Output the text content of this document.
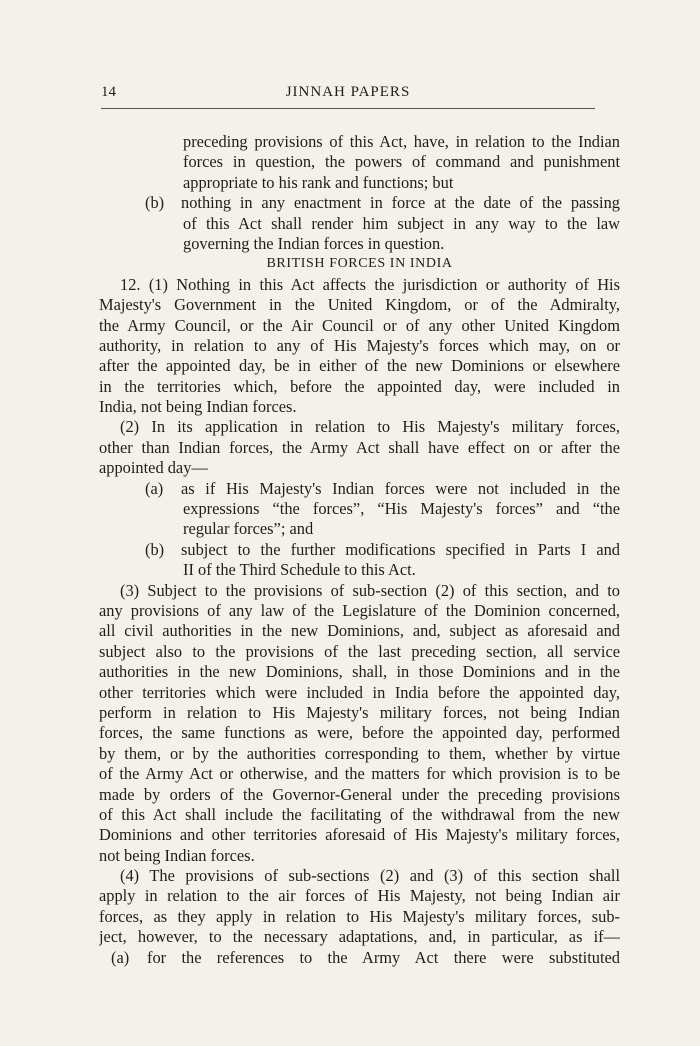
14	JINNAH PAPERS
preceding provisions of this Act, have, in relation to the Indian
forces in question, the powers of command and punishment
appropriate to his rank and functions; but
(b)	nothing in any enactment in force at the date of the passing
of this Act shall render him subject in any way to the law
governing the Indian forces in question.
BRITISH FORCES IN INDIA
12. (1) Nothing in this Act affects the jurisdiction or authority of His
Majesty's Government in the United Kingdom, or of the Admiralty,
the Army Council, or the Air Council or of any other United Kingdom
authority, in relation to any of His Majesty's forces which may, on or
after the appointed day, be in either of the new Dominions or elsewhere
in the territories which, before the appointed day, were included in
India, not being Indian forces.
(2) In its application in relation to His Majesty's military forces,
other than Indian forces, the Army Act shall have effect on or after the
appointed day—
(a)	as if His Majesty's Indian forces were not included in the
expressions “the forces”, “His Majesty's forces” and “the
regular forces”; and
(b)	subject to the further modifications specified in Parts I and
II of the Third Schedule to this Act.
(3) Subject to the provisions of sub-section (2) of this section, and to
any provisions of any law of the Legislature of the Dominion concerned,
all civil authorities in the new Dominions, and, subject as aforesaid and
subject also to the provisions of the last preceding section, all service
authorities in the new Dominions, shall, in those Dominions and in the
other territories which were included in India before the appointed day,
perform in relation to His Majesty's military forces, not being Indian
forces, the same functions as were, before the appointed day, performed
by them, or by the authorities corresponding to them, whether by virtue
of the Army Act or otherwise, and the matters for which provision is to be
made by orders of the Governor-General under the preceding provisions
of this Act shall include the facilitating of the withdrawal from the new
Dominions and other territories aforesaid of His Majesty's military forces,
not being Indian forces.
(4) The provisions of sub-sections (2) and (3) of this section shall
apply in relation to the air forces of His Majesty, not being Indian air
forces, as they apply in relation to His Majesty's military forces, sub-
ject, however, to the necessary adaptations, and, in particular, as if—
(a)	for the references to the Army Act there were substituted
